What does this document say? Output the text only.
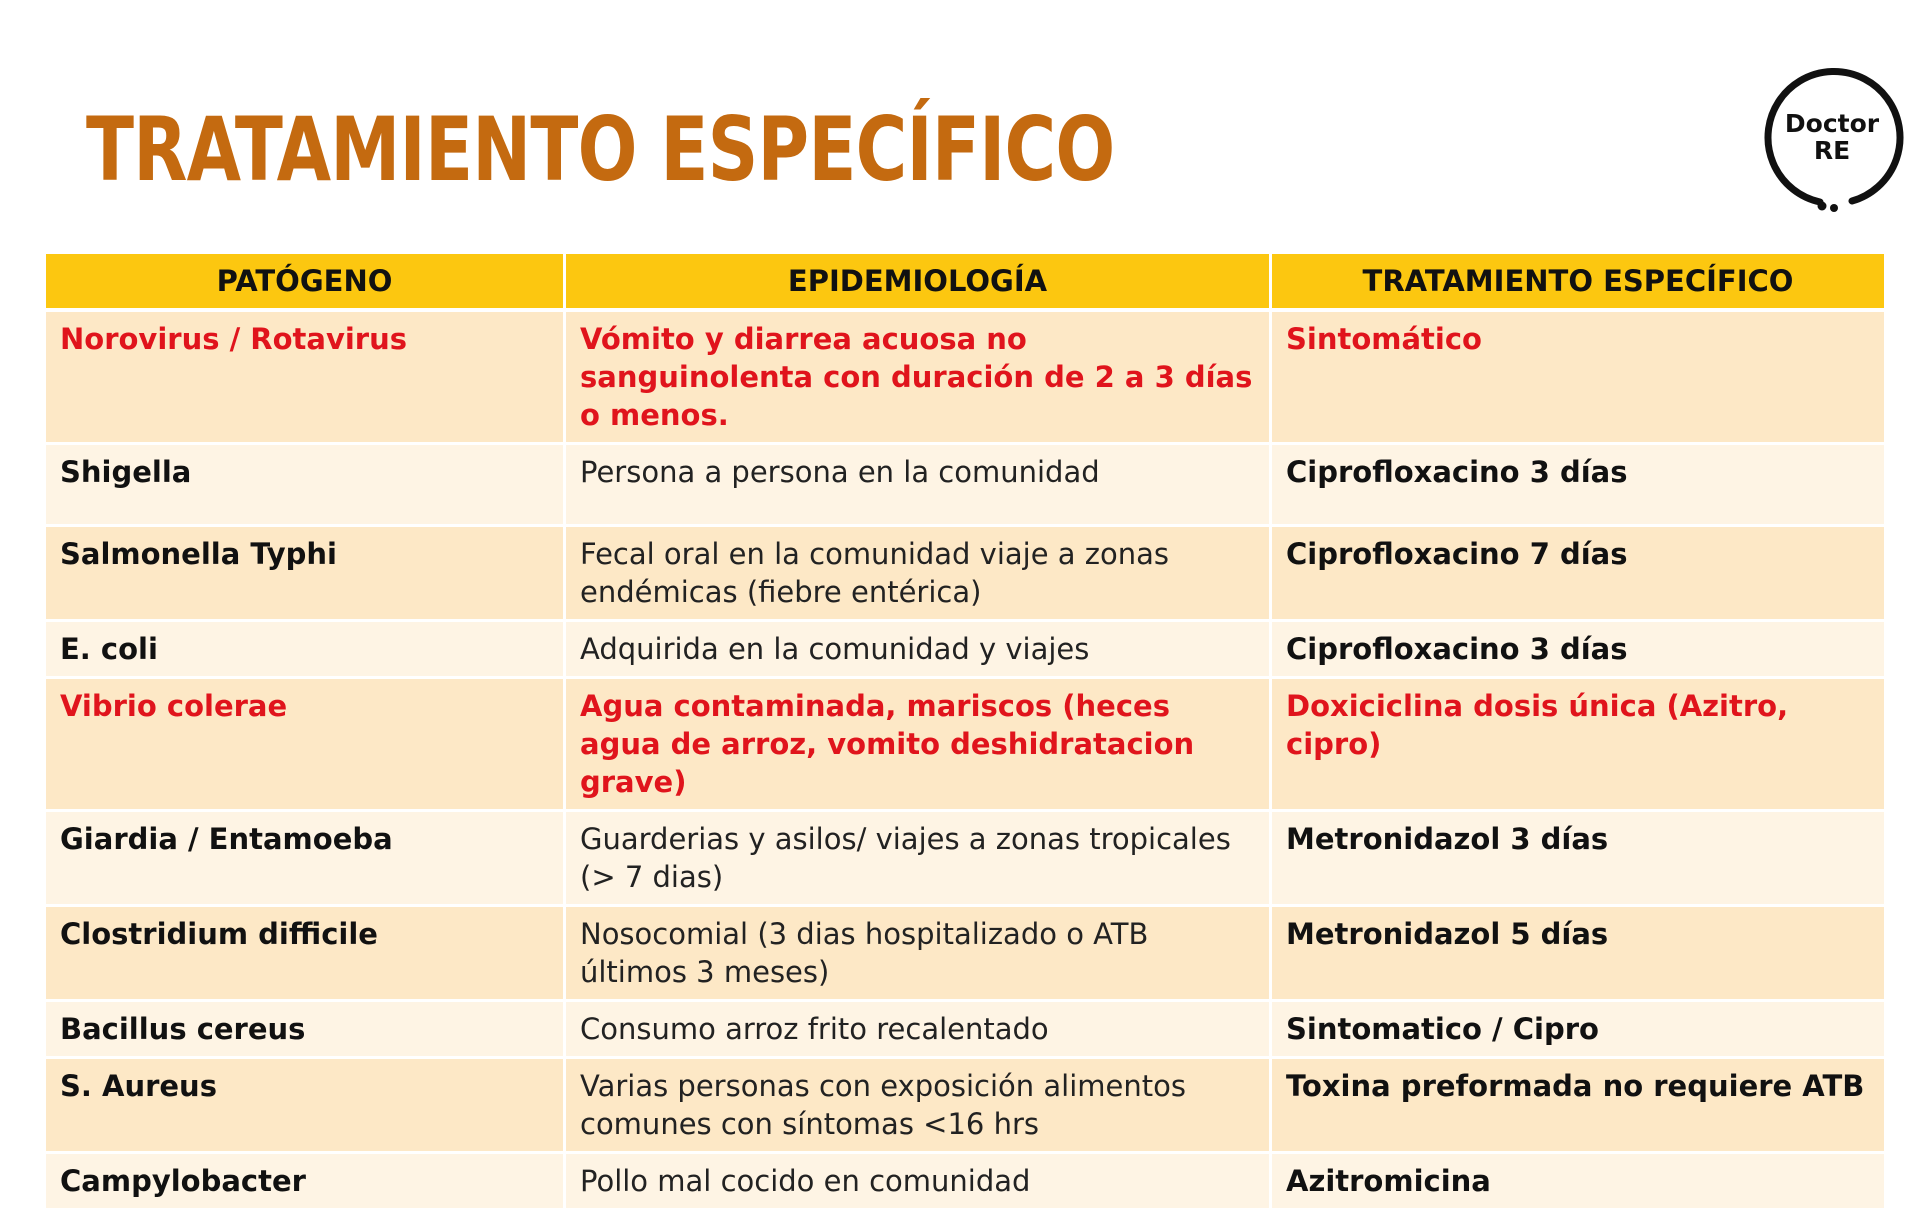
TRATAMIENTO ESPECÍFICO	Doctor
RE
PATÓGENO	EPIDEMIOLOGÍA	TRATAMIENTO ESPECÍFICO
Norovirus / Rotavirus	Vómito y diarrea acuosa no sanguinolenta con duración de 2 a 3 días o menos.	Sintomático
Shigella	Persona a persona en la comunidad	Ciprofloxacino 3 días
Salmonella Typhi	Fecal oral en la comunidad viaje a zonas endémicas (fiebre entérica)	Ciprofloxacino 7 días
E. coli	Adquirida en la comunidad y viajes	Ciprofloxacino 3 días
Vibrio colerae	Agua contaminada, mariscos (heces agua de arroz, vomito deshidratacion grave)	Doxiciclina dosis única (Azitro, cipro)
Giardia / Entamoeba	Guarderias y asilos/ viajes a zonas tropicales (> 7 dias)	Metronidazol 3 días
Clostridium difficile	Nosocomial (3 dias hospitalizado o ATB últimos 3 meses)	Metronidazol 5 días
Bacillus cereus	Consumo arroz frito recalentado	Sintomatico / Cipro
S. Aureus	Varias personas con exposición alimentos comunes con síntomas <16 hrs	Toxina preformada no requiere ATB
Campylobacter	Pollo mal cocido en comunidad	Azitromicina
